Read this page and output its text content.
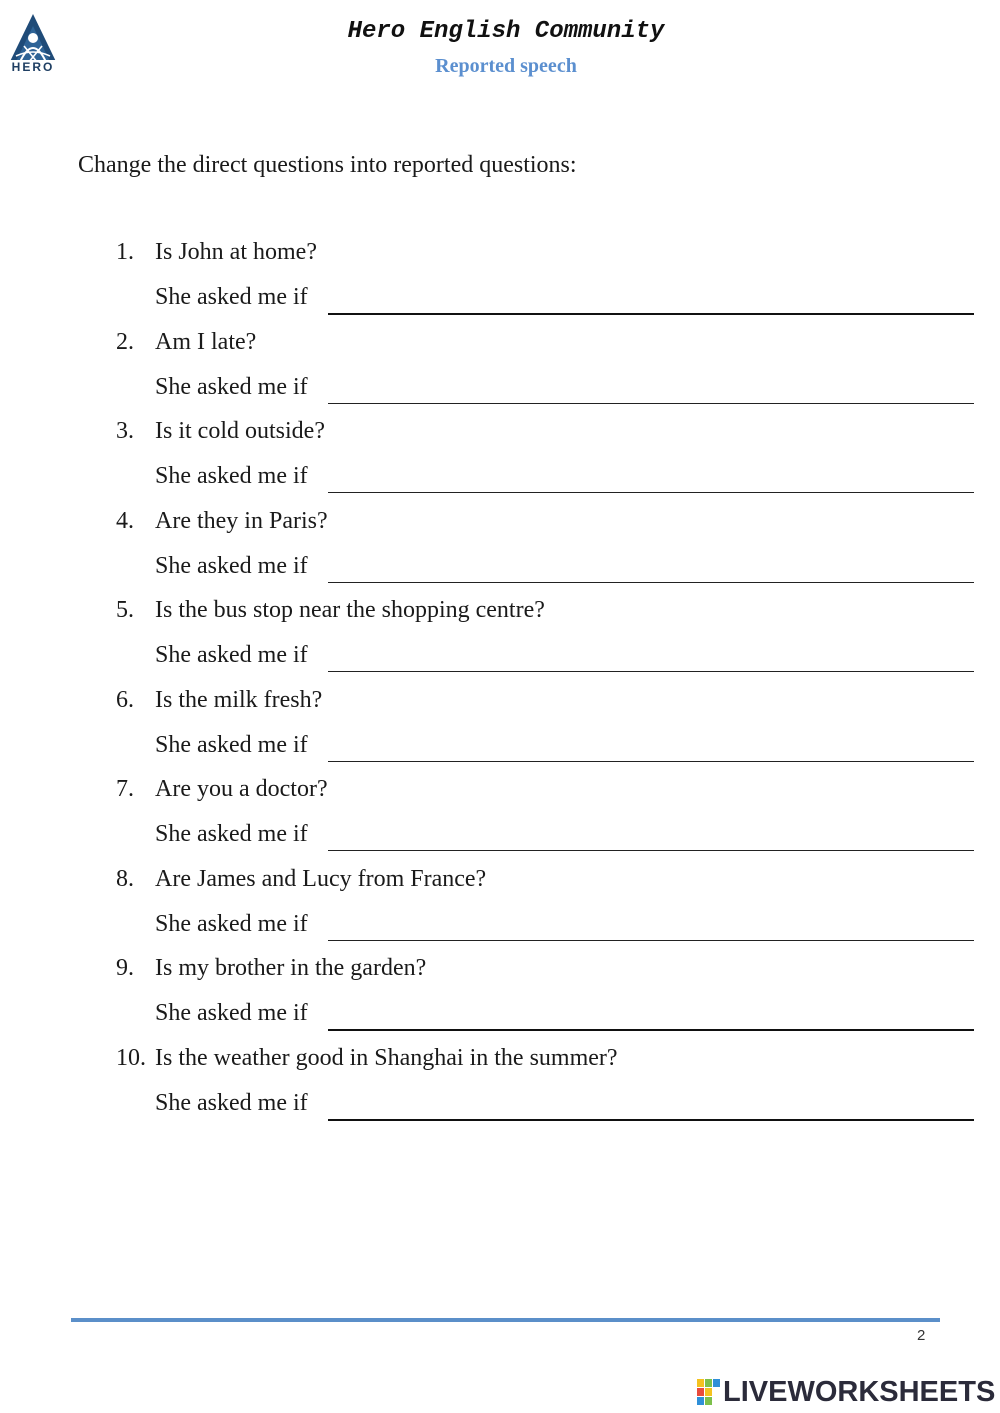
HERO
Hero English Community
Reported speech
Change the direct questions into reported questions:
1. Is John at home?
She asked me if
2. Am I late?
She asked me if
3. Is it cold outside?
She asked me if
4. Are they in Paris?
She asked me if
5. Is the bus stop near the shopping centre?
She asked me if
6. Is the milk fresh?
She asked me if
7. Are you a doctor?
She asked me if
8. Are James and Lucy from France?
She asked me if
9. Is my brother in the garden?
She asked me if
10. Is the weather good in Shanghai in the summer?
She asked me if
2
LIVEWORKSHEETS
